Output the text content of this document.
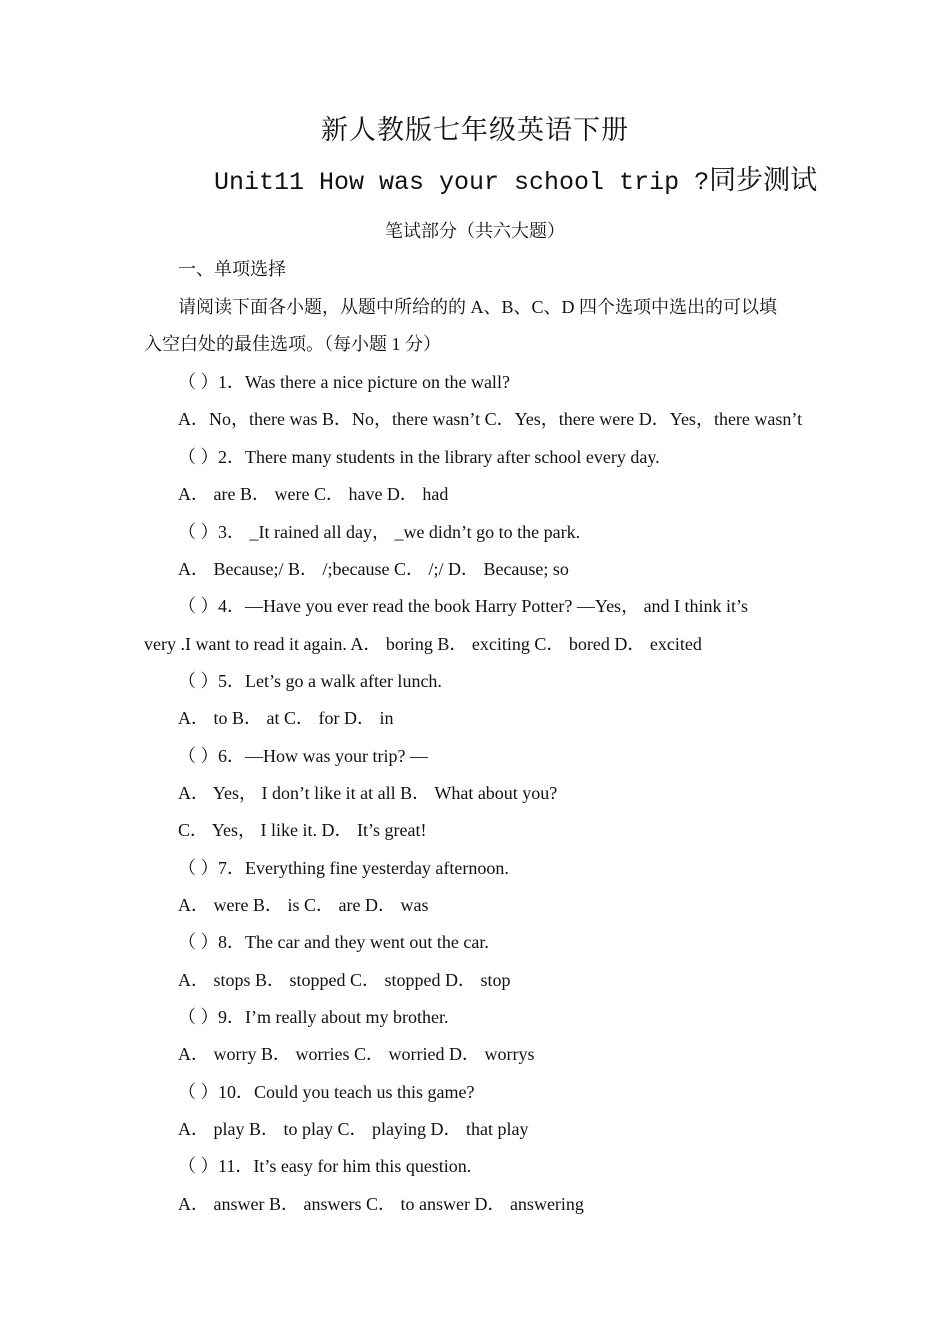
新人教版七年级英语下册
Unit11 How was your school trip ?同步测试
笔试部分（共六大题）
一、单项选择
请阅读下面各小题，从题中所给的的 A、B、C、D 四个选项中选出的可以填
入空白处的最佳选项。（每小题 1 分）
（ ）1．Was there a nice picture on the wall?
A．No，there was B．No，there wasn’t C．Yes，there were D．Yes，there wasn’t
（ ）2．There many students in the library after school every day.
A． are B． were C． have D． had
（ ）3． _It rained all day， _we didn’t go to the park.
A． Because;/ B． /;because C． /;/ D． Because; so
（ ）4．—Have you ever read the book Harry Potter? —Yes， and I think it’s
very .I want to read it again. A． boring B． exciting C． bored D． excited
（ ）5．Let’s go a walk after lunch.
A． to B． at C． for D． in
（ ）6．—How was your trip? —
A． Yes， I don’t like it at all B． What about you?
C． Yes， I like it. D． It’s great!
（ ）7．Everything fine yesterday afternoon.
A． were B． is C． are D． was
（ ）8．The car and they went out the car.
A． stops B． stopped C． stopped D． stop
（ ）9．I’m really about my brother.
A． worry B． worries C． worried D． worrys
（ ）10．Could you teach us this game?
A． play B． to play C． playing D． that play
（ ）11．It’s easy for him this question.
A． answer B． answers C． to answer D． answering
